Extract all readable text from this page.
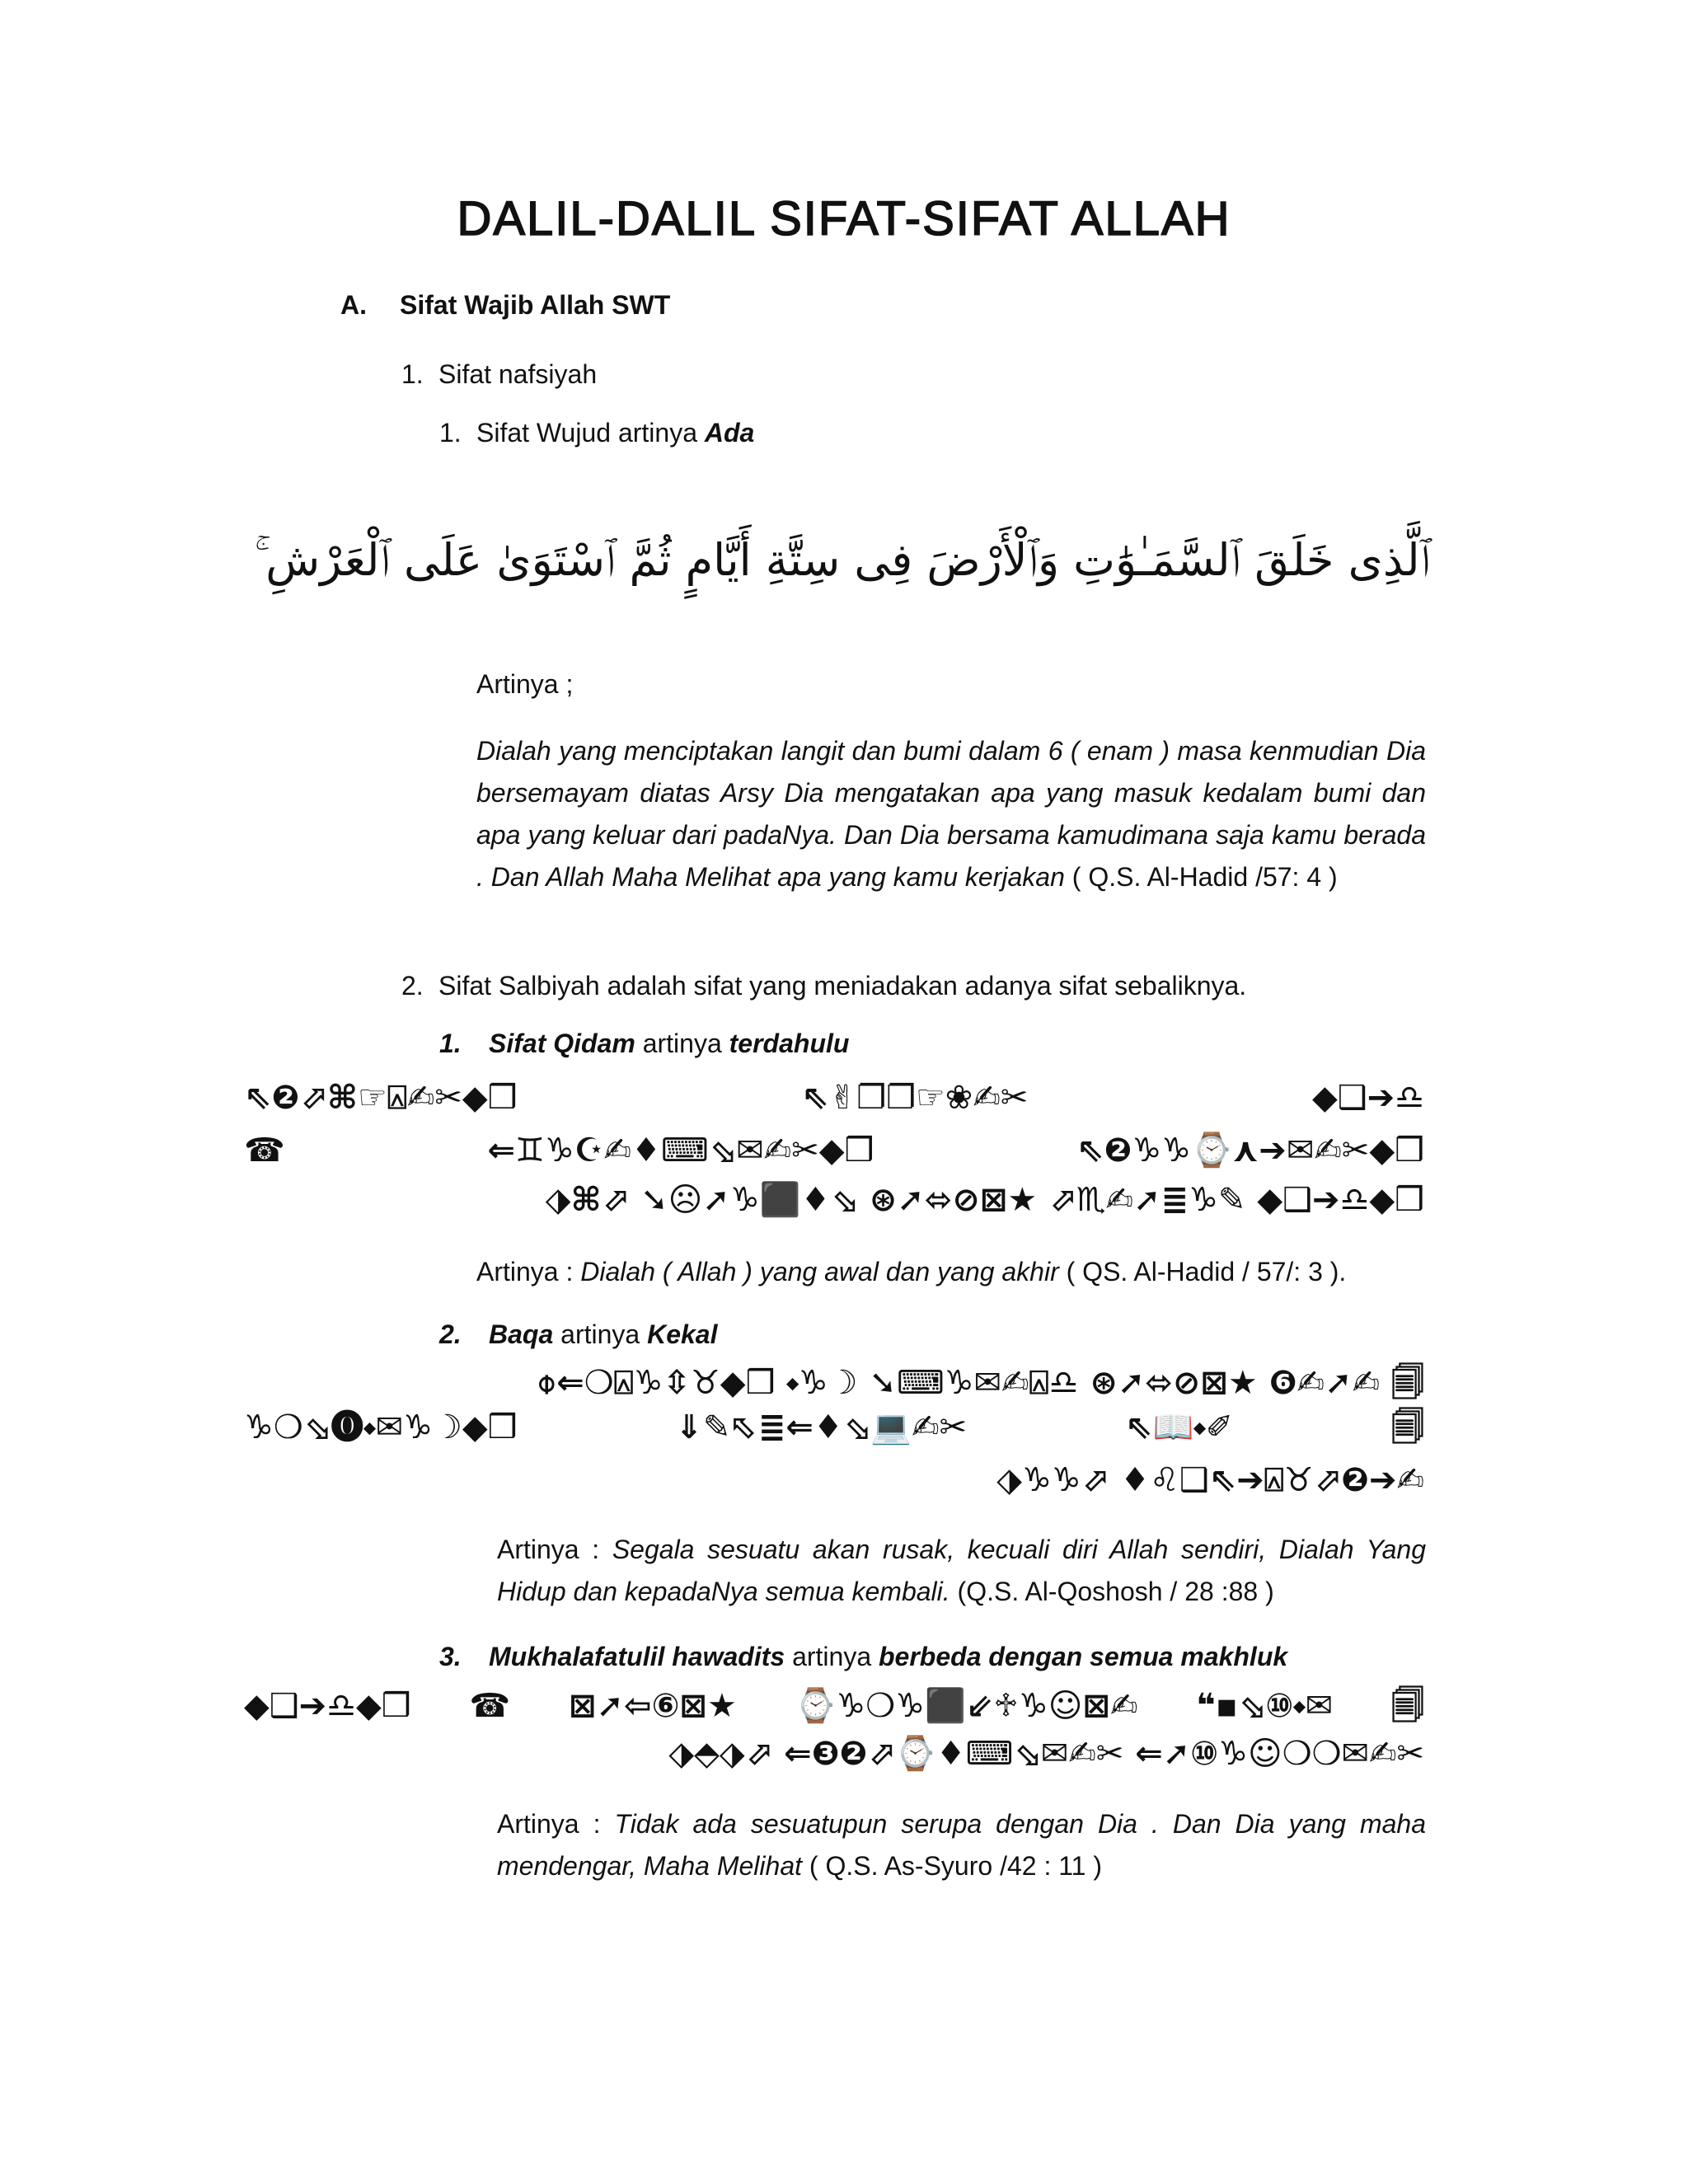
DALIL-DALIL SIFAT-SIFAT ALLAH
A. Sifat Wajib Allah SWT
1. Sifat nafsiyah
1. Sifat Wujud artinya Ada
ٱلَّذِى خَلَقَ ٱلسَّمَـٰوَٰتِ وَٱلْأَرْضَ فِى سِتَّةِ أَيَّامٍ ثُمَّ ٱسْتَوَىٰ عَلَى ٱلْعَرْشِ ۚ
Artinya ;

Dialah yang menciptakan langit dan bumi dalam 6 ( enam ) masa kenmudian Dia bersemayam diatas Arsy Dia mengatakan apa yang masuk kedalam bumi dan apa yang keluar dari padaNya. Dan Dia bersama kamudimana saja kamu berada . Dan Allah Maha Melihat apa yang kamu kerjakan ( Q.S. Al-Hadid /57: 4 )

2. Sifat Salbiyah adalah sifat yang meniadakan adanya sifat sebaliknya.
1. Sifat Qidam artinya terdahulu
⇖❷⬀⌘☞⍓✍✂◆❒	⇖✌❐❐☞❀✍✂	◆❑➔♎
☎	⇐♊♑☪✍♦⌨⬂✉✍✂◆❒	⇖❷♑♑⌚⋏➔✉✍✂◆❒
⬗⌘⬀ ➘☹➚♑⬛♦⬂ ⊛➚⬄⊘⊠★ ⬀♏✍➚≣♑✎ ◆❑➔♎◆❒
Artinya : Dialah ( Allah ) yang awal dan yang akhir ( QS. Al-Hadid / 57/: 3 ).
2. Baqa artinya Kekal
⌽⇐❍⍓♑⇳♉◆❒ ⬩♑☽ ➘⌨♑✉✍⍓♎ ⊛➚⬄⊘⊠★ ❻✍➚✍ 🗐
♑❍⬂⓿⬩✉♑☽◆❒	⇓✎⬁≣⇐♦⬂💻✍✂	⇖📖⬩✐	🗐
⬗♑♑⬀ ♦♌❑⇖➔⍓♉⬀❷➔✍

Artinya : Segala sesuatu akan rusak, kecuali diri Allah sendiri, Dialah Yang Hidup dan kepadaNya semua kembali. (Q.S. Al-Qoshosh / 28 :88 )

3. Mukhalafatulil hawadits artinya berbeda dengan semua makhluk
◆❑➔♎◆❒ ☎ ⊠➚⇦⑥⊠★ ⌚♑❍♑⬛⇙♱♑☺⊠✍ ❝▪⬂⑩⬩✉ 🗐
⬗⬘⬗⬀ ⇐❸❷⬀⌚♦⌨⬂✉✍✂ ⇐➚⑩♑☺❍❍✉✍✂

Artinya : Tidak ada sesuatupun serupa dengan Dia . Dan Dia yang maha mendengar, Maha Melihat ( Q.S. As-Syuro /42 : 11 )
